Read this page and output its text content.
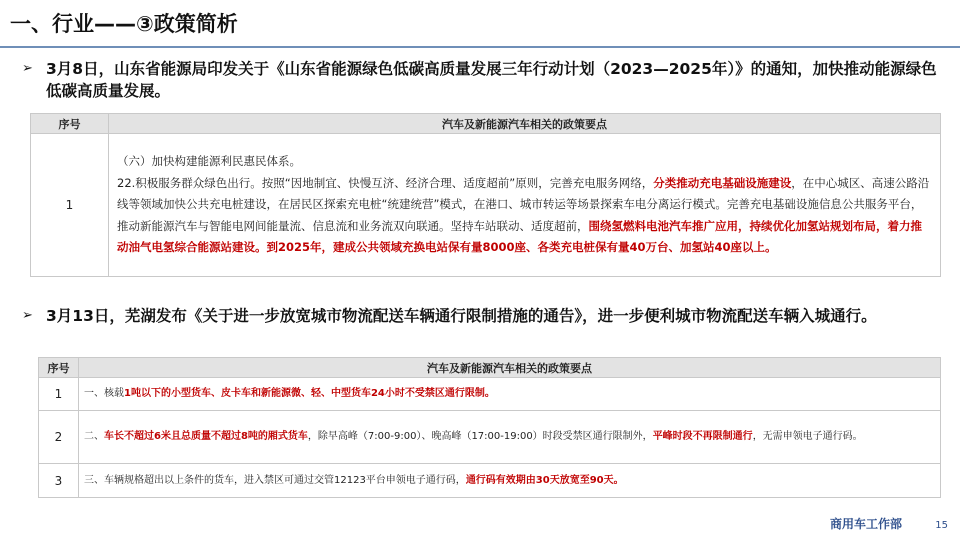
一、行业——③政策简析
➢ 3月8日，山东省能源局印发关于《山东省能源绿色低碳高质量发展三年行动计划（2023—2025年）》的通知，加快推动能源绿色低碳高质量发展。
序号	汽车及新能源汽车相关的政策要点
1	（六）加快构建能源利民惠民体系。
22.积极服务群众绿色出行。按照“因地制宜、快慢互济、经济合理、适度超前”原则，完善充电服务网络，分类推动充电基础设施建设，在中心城区、高速公路沿线等领域加快公共充电桩建设，在居民区探索充电桩“统建统营”模式，在港口、城市转运等场景探索车电分离运行模式。完善充电基础设施信息公共服务平台，推动新能源汽车与智能电网间能量流、信息流和业务流双向联通。坚持车站联动、适度超前，围绕氢燃料电池汽车推广应用，持续优化加氢站规划布局，着力推动油气电氢综合能源站建设。到2025年，建成公共领域充换电站保有量8000座、各类充电桩保有量40万台、加氢站40座以上。
➢ 3月13日，芜湖发布《关于进一步放宽城市物流配送车辆通行限制措施的通告》，进一步便利城市物流配送车辆入城通行。
序号	汽车及新能源汽车相关的政策要点
1	一、核载1吨以下的小型货车、皮卡车和新能源微、轻、中型货车24小时不受禁区通行限制。
2	二、车长不超过6米且总质量不超过8吨的厢式货车，除早高峰（7:00-9:00）、晚高峰（17:00-19:00）时段受禁区通行限制外，平峰时段不再限制通行，无需申领电子通行码。
3	三、车辆规格超出以上条件的货车，进入禁区可通过交管12123平台申领电子通行码，通行码有效期由30天放宽至90天。
商用车工作部	15
